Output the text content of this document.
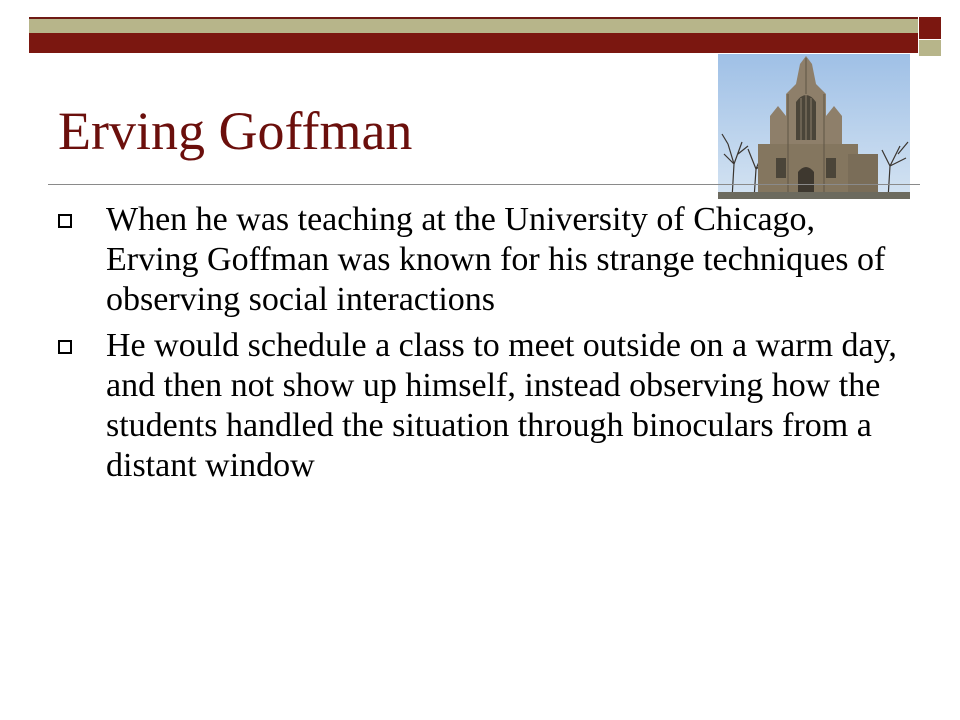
Erving Goffman
When he was teaching at the University of Chicago, Erving Goffman was known for his strange techniques of observing social interactions
He would schedule a class to meet outside on a warm day, and then not show up himself, instead observing how the students handled the situation through binoculars from a distant window
